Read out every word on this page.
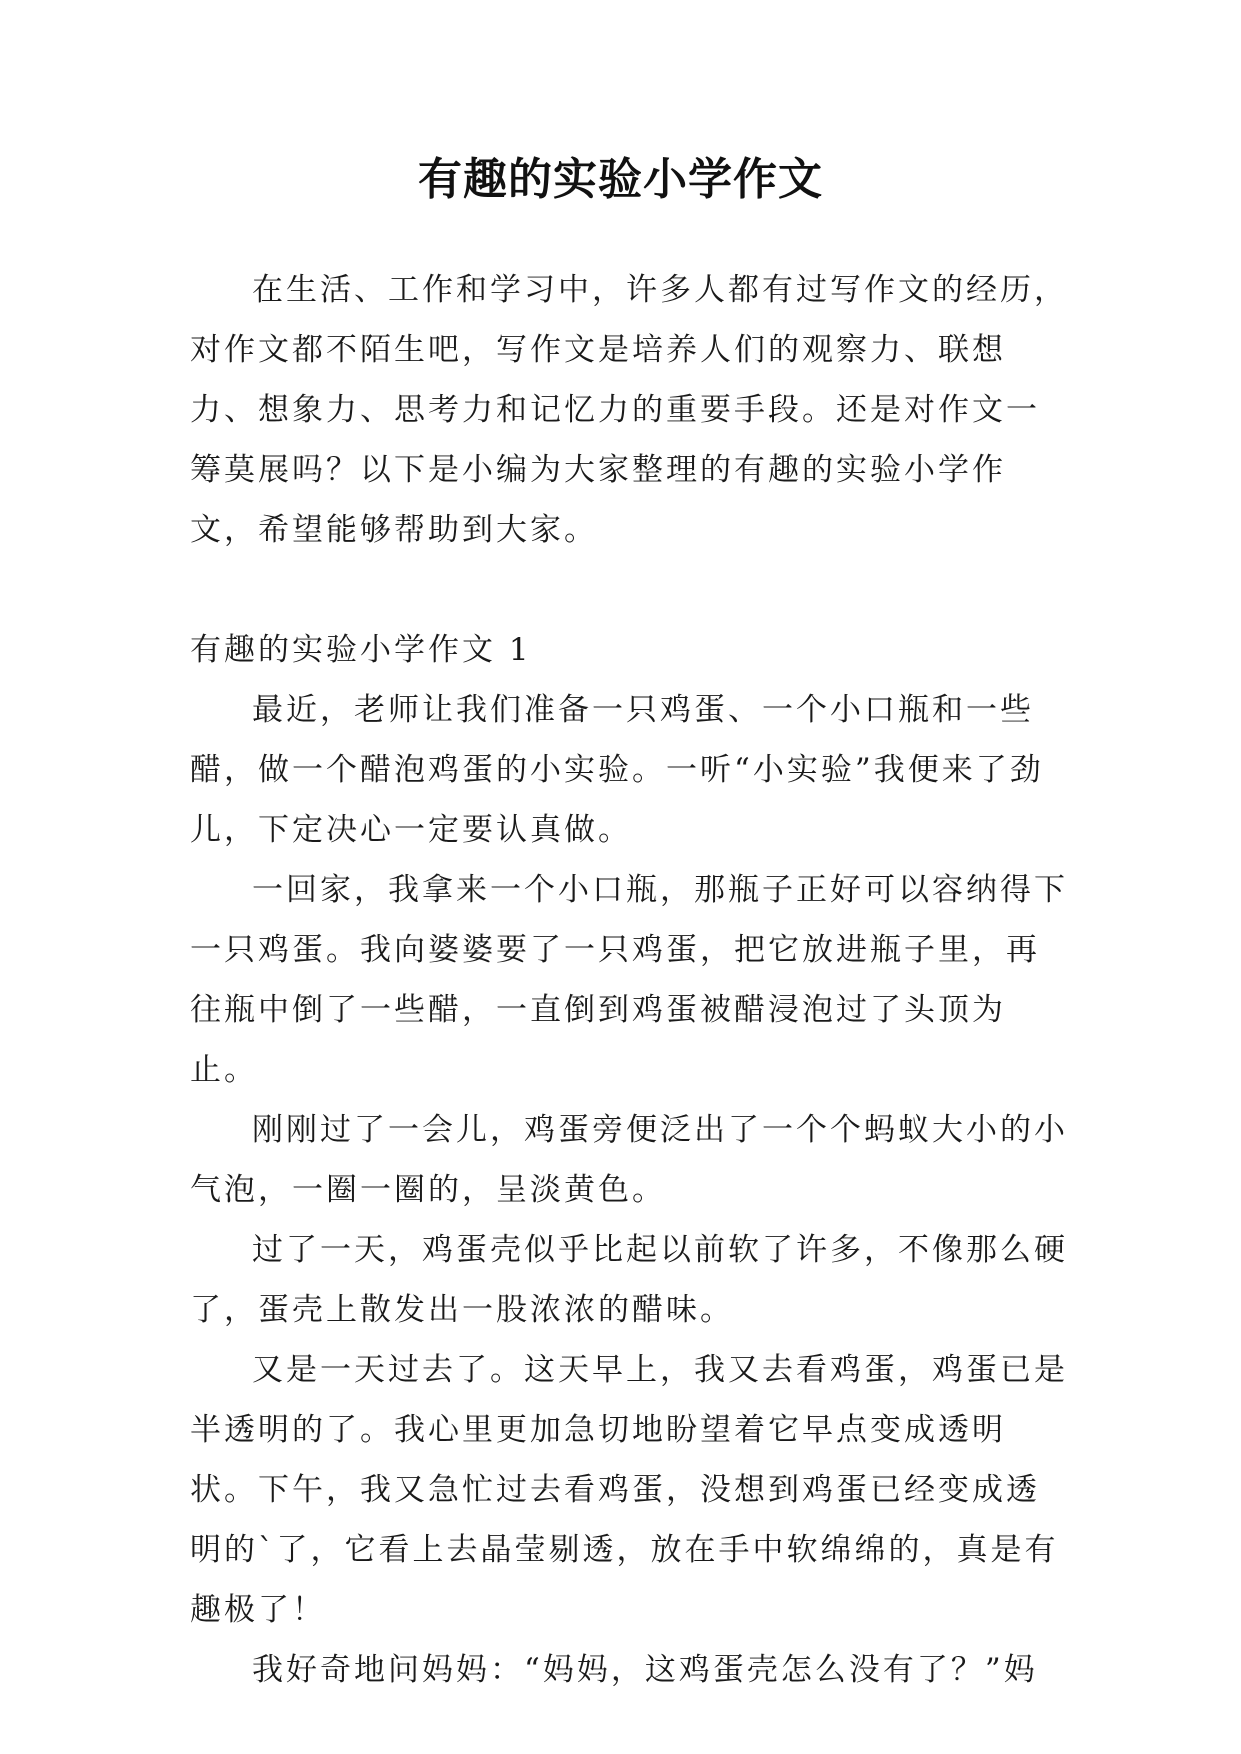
有趣的实验小学作文

在生活、工作和学习中，许多人都有过写作文的经历，对作文都不陌生吧，写作文是培养人们的观察力、联想力、想象力、思考力和记忆力的重要手段。还是对作文一筹莫展吗？以下是小编为大家整理的有趣的实验小学作文，希望能够帮助到大家。

有趣的实验小学作文 1

最近，老师让我们准备一只鸡蛋、一个小口瓶和一些醋，做一个醋泡鸡蛋的小实验。一听“小实验”我便来了劲儿，下定决心一定要认真做。

一回家，我拿来一个小口瓶，那瓶子正好可以容纳得下一只鸡蛋。我向婆婆要了一只鸡蛋，把它放进瓶子里，再往瓶中倒了一些醋，一直倒到鸡蛋被醋浸泡过了头顶为止。

刚刚过了一会儿，鸡蛋旁便泛出了一个个蚂蚁大小的小气泡，一圈一圈的，呈淡黄色。

过了一天，鸡蛋壳似乎比起以前软了许多，不像那么硬了，蛋壳上散发出一股浓浓的醋味。

又是一天过去了。这天早上，我又去看鸡蛋，鸡蛋已是半透明的了。我心里更加急切地盼望着它早点变成透明状。下午，我又急忙过去看鸡蛋，没想到鸡蛋已经变成透明的`了，它看上去晶莹剔透，放在手中软绵绵的，真是有趣极了！

我好奇地问妈妈：“妈妈，这鸡蛋壳怎么没有了？”妈
